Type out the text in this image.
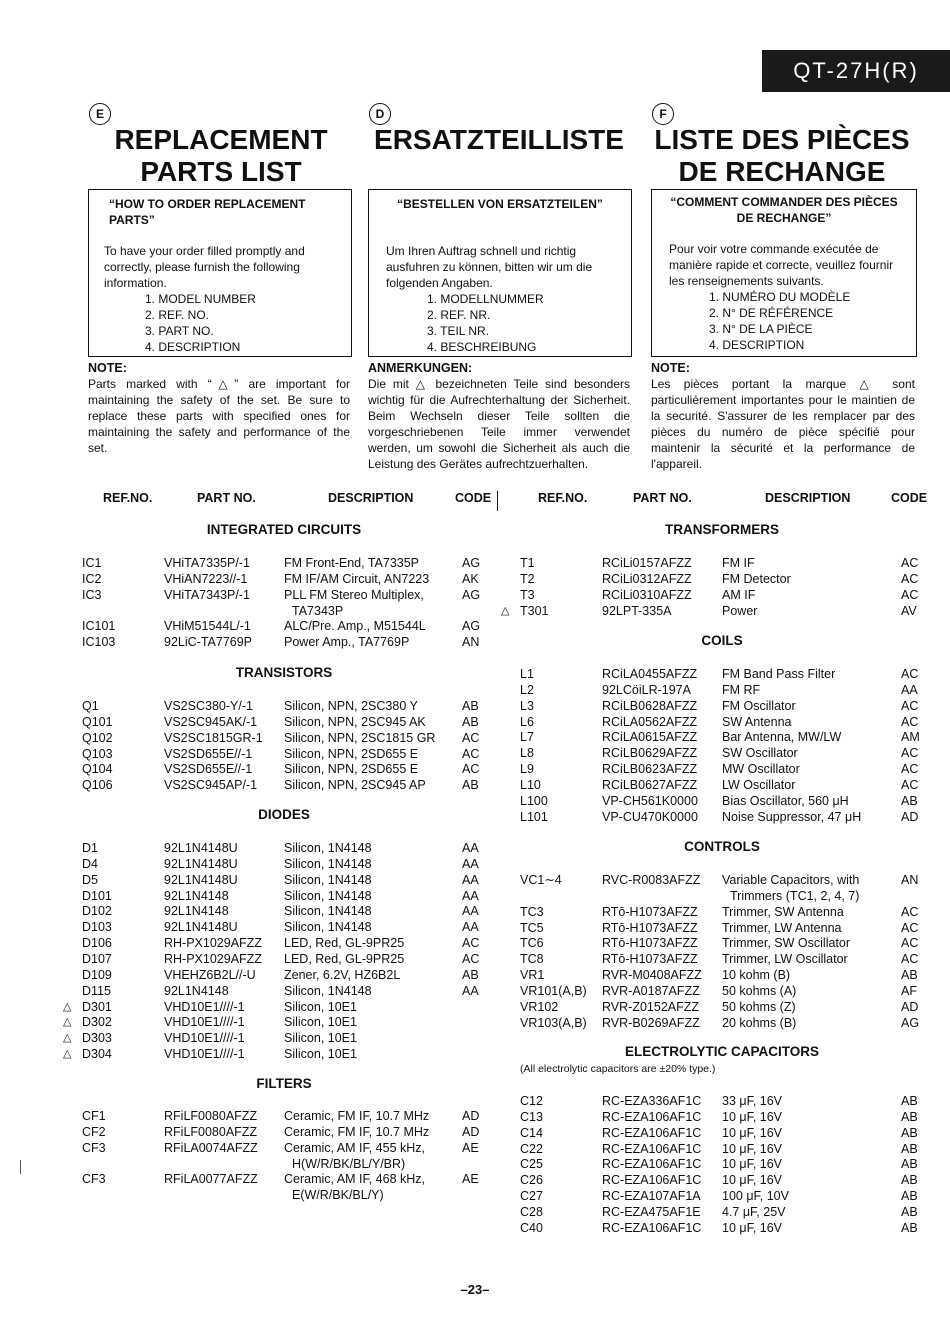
QT-27H(R)
E
REPLACEMENT
PARTS LIST
“HOW TO ORDER REPLACEMENT PARTS”
To have your order filled promptly and correctly, please furnish the following information.
1. MODEL NUMBER
2. REF. NO.
3. PART NO.
4. DESCRIPTION
NOTE:
Parts marked with “△” are important for maintaining the safety of the set. Be sure to replace these parts with specified ones for maintaining the safety and performance of the set.
D
ERSATZTEILLISTE
“BESTELLEN VON ERSATZTEILEN”
Um Ihren Auftrag schnell und richtig ausfuhren zu können, bitten wir um die folgenden Angaben.
1. MODELLNUMMER
2. REF. NR.
3. TEIL NR.
4. BESCHREIBUNG
ANMERKUNGEN:
Die mit △ bezeichneten Teile sind besonders wichtig für die Aufrechterhaltung der Sicherheit. Beim Wechseln dieser Teile sollten die vorgeschriebenen Teile immer verwendet werden, um sowohl die Sicherheit als auch die Leistung des Gerätes aufrechtzuerhalten.
F
LISTE DES PIÈCES
DE RECHANGE
“COMMENT COMMANDER DES PIÈCES DE RECHANGE”
Pour voir votre commande exécutée de manière rapide et correcte, veuillez fournir les renseignements suivants.
1. NUMÉRO DU MODÈLE
2. N° DE RÉFÉRENCE
3. N° DE LA PIÈCE
4. DESCRIPTION
NOTE:
Les pièces portant la marque △ sont particulièrement importantes pour le maintien de la securité. S'assurer de les remplacer par des pièces du numéro de pièce spécifié pour maintenir la sécurité et la performance de l'appareil.
REF.NO.	PART NO.	DESCRIPTION	CODE	REF.NO.	PART NO.	DESCRIPTION	CODE
INTEGRATED CIRCUITS
IC1	VHiTA7335P/-1	FM Front-End, TA7335P	AG
IC2	VHiAN7223//-1	FM IF/AM Circuit, AN7223	AK
IC3	VHiTA7343P/-1	PLL FM Stereo Multiplex,	AG
TA7343P
IC101	VHiM51544L/-1	ALC/Pre. Amp., M51544L	AG
IC103	92LiC-TA7769P	Power Amp., TA7769P	AN
TRANSISTORS
Q1	VS2SC380-Y/-1 Silicon, NPN, 2SC380 Y	AB
Q101	VS2SC945AK/-1 Silicon, NPN, 2SC945 AK	AB
Q102	VS2SC1815GR-1 Silicon, NPN, 2SC1815 GR AC
Q103	VS2SD655E//-1	Silicon, NPN, 2SD655 E	AC
Q104	VS2SD655E//-1	Silicon, NPN, 2SD655 E	AC
Q106	VS2SC945AP/-1 Silicon, NPN, 2SC945 AP	AB
DIODES
D1	92L1N4148U	Silicon, 1N4148	AA
D4	92L1N4148U	Silicon, 1N4148	AA
D5	92L1N4148U	Silicon, 1N4148	AA
D101	92L1N4148	Silicon, 1N4148	AA
D102	92L1N4148	Silicon, 1N4148	AA
D103	92L1N4148U	Silicon, 1N4148	AA
D106	RH-PX1029AFZZ LED, Red, GL-9PR25	AC
D107	RH-PX1029AFZZ LED, Red, GL-9PR25	AC
D109	VHEHZ6B2L//-U Zener, 6.2V, HZ6B2L	AB
D115	92L1N4148	Silicon, 1N4148	AA
△ D301	VHD10E1////-1	Silicon, 10E1
△ D302	VHD10E1////-1	Silicon, 10E1
△ D303	VHD10E1////-1	Silicon, 10E1
△ D304	VHD10E1////-1	Silicon, 10E1
FILTERS
CF1	RFiLF0080AFZZ Ceramic, FM IF, 10.7 MHz	AD
CF2	RFiLF0080AFZZ Ceramic, FM IF, 10.7 MHz	AD
CF3	RFiLA0074AFZZ Ceramic, AM IF, 455 kHz,	AE
H(W/R/BK/BL/Y/BR)
CF3	RFiLA0077AFZZ Ceramic, AM IF, 468 kHz,	AE
E(W/R/BK/BL/Y)
TRANSFORMERS
T1	RCiLi0157AFZZ FM IF	AC
T2	RCiLi0312AFZZ FM Detector	AC
T3	RCiLi0310AFZZ AM IF	AC
△ T301	92LPT-335A	Power	AV
COILS
L1	RCiLA0455AFZZ FM Band Pass Filter	AC
L2	92LCöiLR-197A FM RF	AA
L3	RCiLB0628AFZZ FM Oscillator	AC
L6	RCiLA0562AFZZ SW Antenna	AC
L7	RCiLA0615AFZZ Bar Antenna, MW/LW	AM
L8	RCiLB0629AFZZ SW Oscillator	AC
L9	RCiLB0623AFZZ MW Oscillator	AC
L10	RCiLB0627AFZZ LW Oscillator	AC
L100	VP-CH561K0000 Bias Oscillator, 560 μH	AB
L101	VP-CU470K0000 Noise Suppressor, 47 μH	AD
CONTROLS
VC1∼4	RVC-R0083AFZZ Variable Capacitors, with	AN
Trimmers (TC1, 2, 4, 7)
TC3	RTō-H1073AFZZ Trimmer, SW Antenna	AC
TC5	RTō-H1073AFZZ Trimmer, LW Antenna	AC
TC6	RTō-H1073AFZZ Trimmer, SW Oscillator	AC
TC8	RTō-H1073AFZZ Trimmer, LW Oscillator	AC
VR1	RVR-M0408AFZZ 10 kohm (B)	AB
VR101(A,B) RVR-A0187AFZZ 50 kohms (A)	AF
VR102	RVR-Z0152AFZZ 50 kohms (Z)	AD
VR103(A,B) RVR-B0269AFZZ 20 kohms (B)	AG
ELECTROLYTIC CAPACITORS
(All electrolytic capacitors are ±20% type.)
C12	RC-EZA336AF1C 33 μF, 16V	AB
C13	RC-EZA106AF1C 10 μF, 16V	AB
C14	RC-EZA106AF1C 10 μF, 16V	AB
C22	RC-EZA106AF1C 10 μF, 16V	AB
C25	RC-EZA106AF1C 10 μF, 16V	AB
C26	RC-EZA106AF1C 10 μF, 16V	AB
C27	RC-EZA107AF1A 100 μF, 10V	AB
C28	RC-EZA475AF1E 4.7 μF, 25V	AB
C40	RC-EZA106AF1C 10 μF, 16V	AB
–23–
